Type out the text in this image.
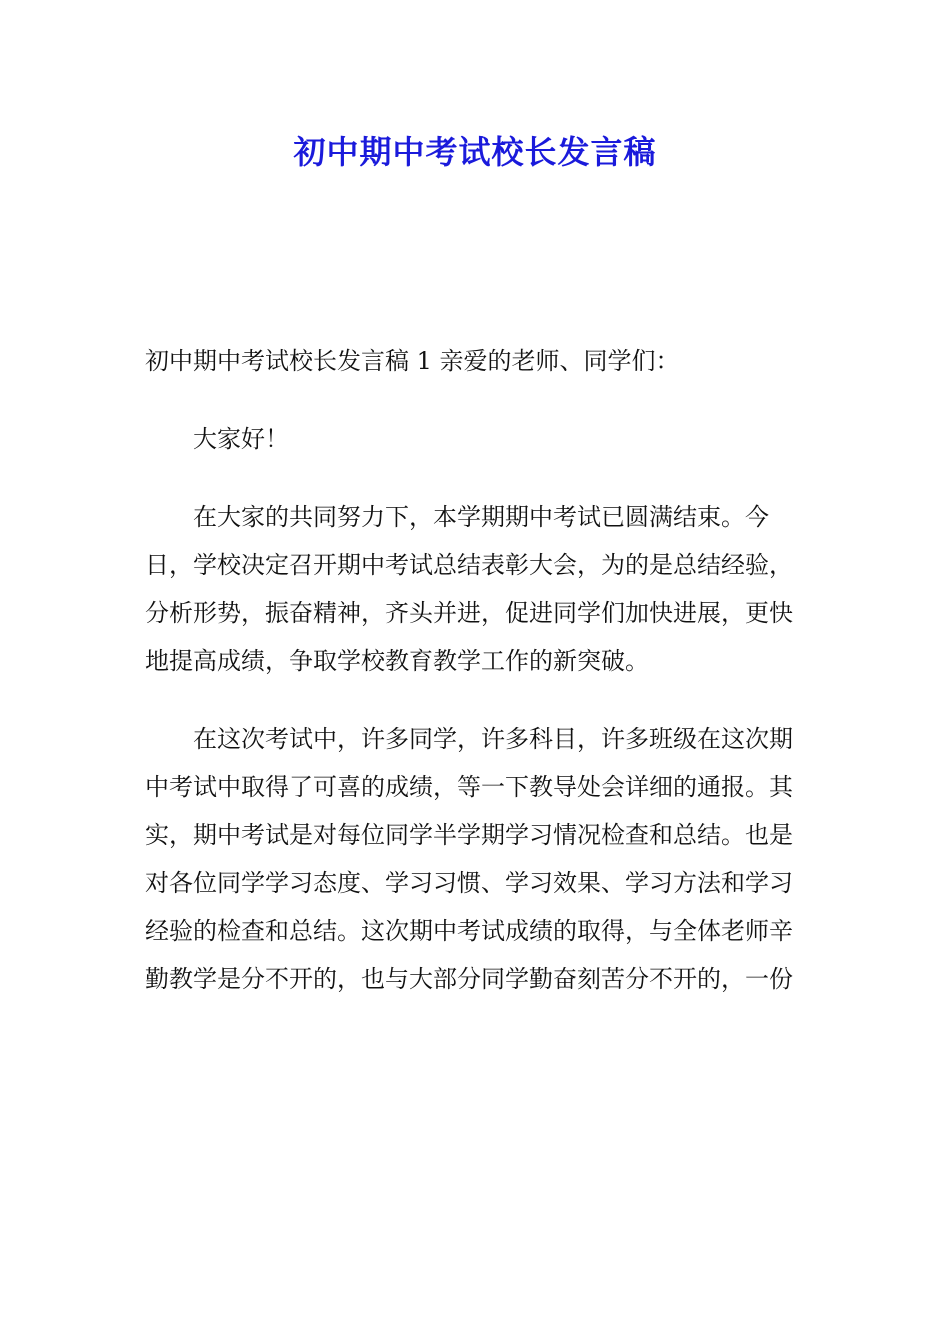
初中期中考试校长发言稿

初中期中考试校长发言稿 1 亲爱的老师、同学们：

大家好！

在大家的共同努力下，本学期期中考试已圆满结束。今日，学校决定召开期中考试总结表彰大会，为的是总结经验，分析形势，振奋精神，齐头并进，促进同学们加快进展，更快地提高成绩，争取学校教育教学工作的新突破。

在这次考试中，许多同学，许多科目，许多班级在这次期中考试中取得了可喜的成绩，等一下教导处会详细的通报。其实，期中考试是对每位同学半学期学习情况检查和总结。也是对各位同学学习态度、学习习惯、学习效果、学习方法和学习经验的检查和总结。这次期中考试成绩的取得，与全体老师辛勤教学是分不开的，也与大部分同学勤奋刻苦分不开的，一份
